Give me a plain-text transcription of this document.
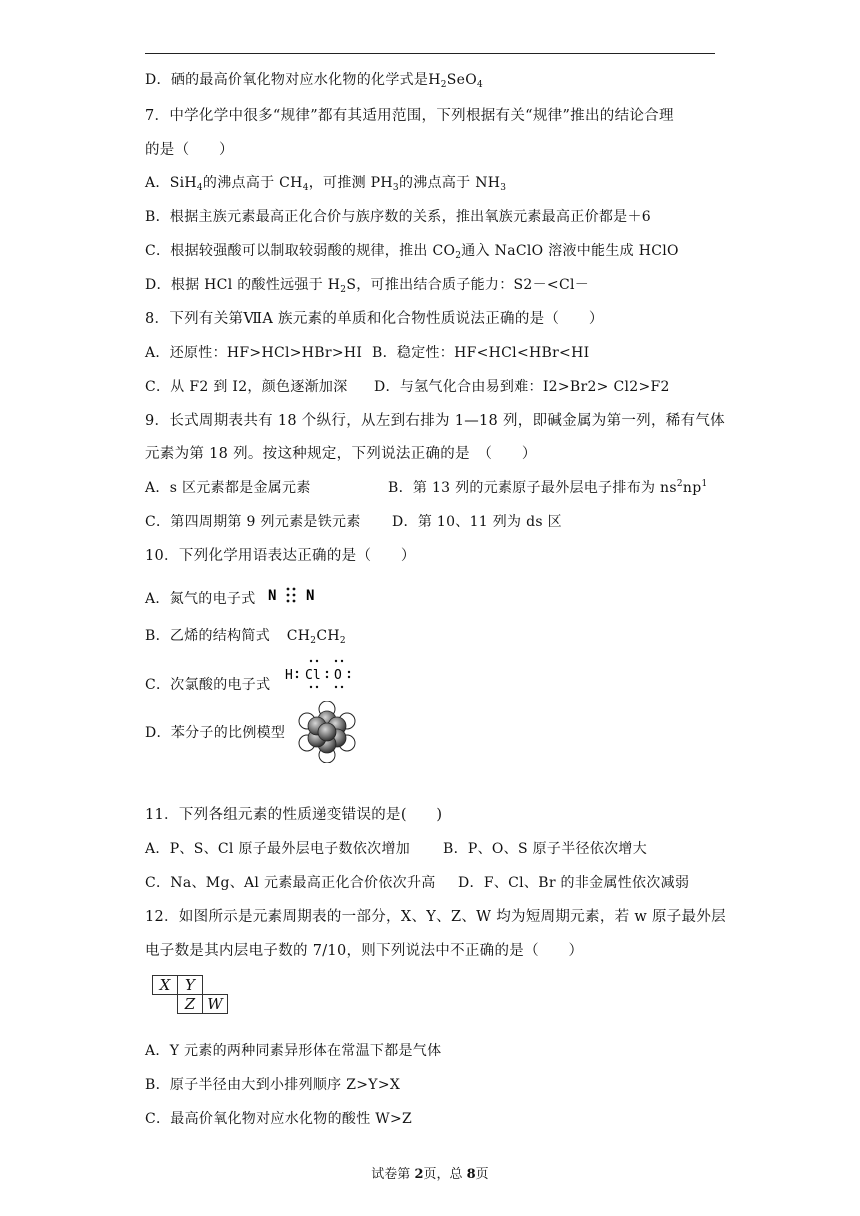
D．硒的最高价氧化物对应水化物的化学式是$H_2SeO_4$
7．中学化学中很多“规律”都有其适用范围，下列根据有关“规律”推出的结论合理
的是（　　）
A．SiH$_4$的沸点高于 $CH_4$，可推测 $PH_3$的沸点高于 $NH_3$
B．根据主族元素最高正化合价与族序数的关系，推出氧族元素最高正价都是＋6
C．根据较强酸可以制取较弱酸的规律，推出 $CO_2$通入 NaClO 溶液中能生成 HClO
D．根据 HCl 的酸性远强于 $H_2S$，可推出结合质子能力：S2－<Cl－
8．下列有关第ⅦA 族元素的单质和化合物性质说法正确的是（　　）
A．还原性：HF>HCl>HBr>HI B．稳定性：HF<HCl<HBr<HI
C．从 F2 到 I2，颜色逐渐加深 D．与氢气化合由易到难：I2>Br2> Cl2>F2
9．长式周期表共有 18 个纵行，从左到右排为 1—18 列，即碱金属为第一列，稀有气体
元素为第 18 列。按这种规定，下列说法正确的是　（　　）
A．s 区元素都是金属元素	B．第 13 列的元素原子最外层电子排布为 $ns^2np^1$
C．第四周期第 9 列元素是铁元素 D．第 10、11 列为 ds 区
10．下列化学用语表达正确的是（　　）
A．氮气的电子式 N N
B．乙烯的结构简式 $CH_2CH_2$
C．次氯酸的电子式
H Cl O
D．苯分子的比例模型
11．下列各组元素的性质递变错误的是(　　)
A．P、S、Cl 原子最外层电子数依次增加 B．P、O、S 原子半径依次增大
C．Na、Mg、Al 元素最高正化合价依次升高 D．F、Cl、Br 的非金属性依次减弱
12．如图所示是元素周期表的一部分，X、Y、Z、W 均为短周期元素，若 w 原子最外层
电子数是其内层电子数的 7/10，则下列说法中不正确的是（　　）
X	Y	
	Z	W
A．Y 元素的两种同素异形体在常温下都是气体
B．原子半径由大到小排列顺序 Z>Y>X
C．最高价氧化物对应水化物的酸性 W>Z
试卷第 2页，总 8页
